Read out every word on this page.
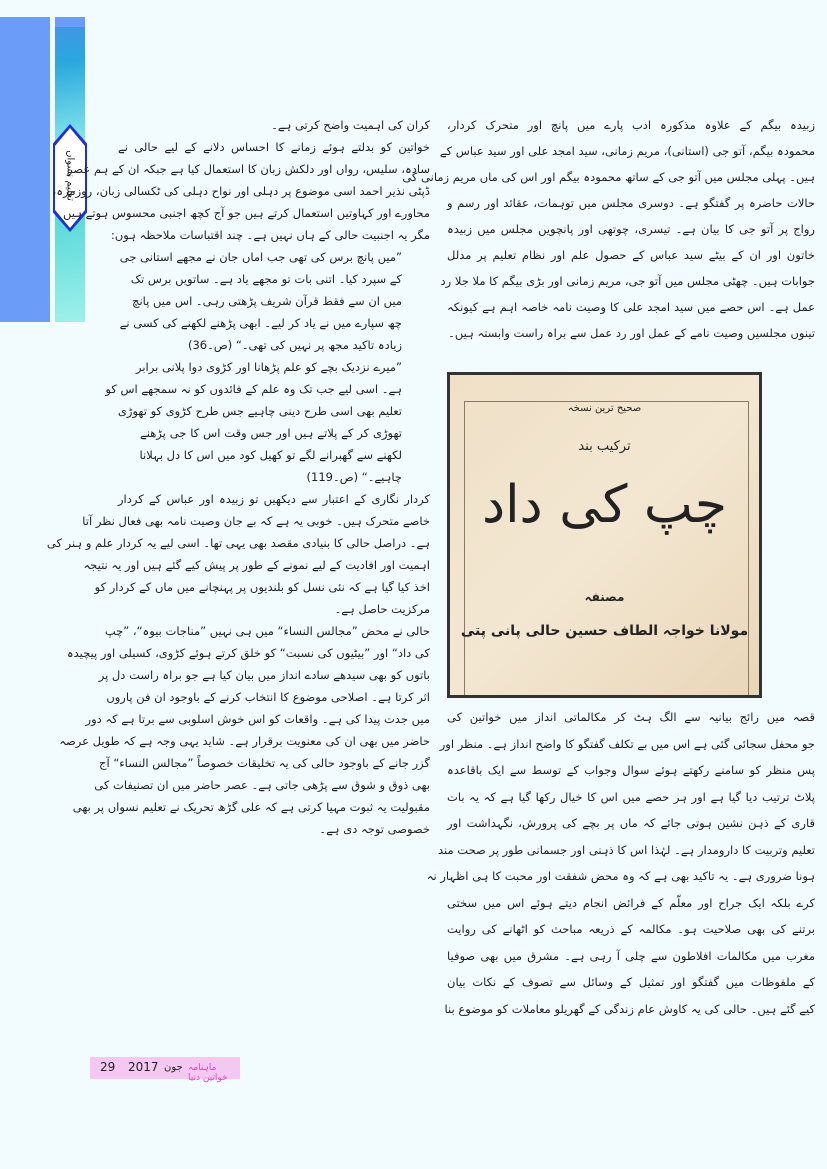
تعلیم نسواں
کران کی اہمیت واضح کرتی ہے۔
خواتین کو بدلتے ہوئے زمانے کا احساس دلانے کے لیے حالی نے
سادہ، سلیس، رواں اور دلکش زبان کا استعمال کیا ہے جبکہ ان کے ہم عصر
ڈپٹی نذیر احمد اسی موضوع پر دہلی اور نواح دہلی کی ٹکسالی زبان، روزمرہ،
محاورے اور کہاوتیں استعمال کرتے ہیں جو آج کچھ اجنبی محسوس ہوتے ہیں
مگر یہ اجنبیت حالی کے ہاں نہیں ہے۔ چند اقتباسات ملاحظہ ہوں:
”میں پانچ برس کی تھی جب اماں جان نے مجھے استانی جی
کے سپرد کیا۔ اتنی بات تو مجھے یاد ہے۔ ساتویں برس تک
میں ان سے فقط قرآن شریف پڑھتی رہی۔ اس میں پانچ
چھ سپارے میں نے یاد کر لیے۔ ابھی پڑھنے لکھنے کی کسی نے
زیادہ تاکید مجھ پر نہیں کی تھی۔“ (ص۔36)
”میرے نزدیک بچے کو علم پڑھانا اور کڑوی دوا پلانی برابر
ہے۔ اسی لیے جب تک وہ علم کے فائدوں کو نہ سمجھے اس کو
تعلیم بھی اسی طرح دینی چاہیے جس طرح کڑوی کو تھوڑی
تھوڑی کر کے پلاتے ہیں اور جس وقت اس کا جی پڑھنے
لکھنے سے گھبرانے لگے تو کھیل کود میں اس کا دل بہلانا
چاہیے۔“ (ص۔119)
کردار نگاری کے اعتبار سے دیکھیں تو زبیدہ اور عباس کے کردار
خاصے متحرک ہیں۔ خوبی یہ ہے کہ بے جان وصیت نامہ بھی فعال نظر آتا
ہے۔ دراصل حالی کا بنیادی مقصد بھی یہی تھا۔ اسی لیے یہ کردار علم و ہنر کی
اہمیت اور افادیت کے لیے نمونے کے طور پر پیش کیے گئے ہیں اور یہ نتیجہ
اخذ کیا گیا ہے کہ نئی نسل کو بلندیوں پر پہنچانے میں ماں کے کردار کو
مرکزیت حاصل ہے۔
حالی نے محض ”مجالس النساء“ میں ہی نہیں ”مناجات بیوہ“، ”چپ
کی داد“ اور ”بیٹیوں کی نسبت“ کو خلق کرتے ہوئے کڑوی، کسیلی اور پیچیدہ
باتوں کو بھی سیدھے سادے انداز میں بیان کیا ہے جو براہ راست دل پر
اثر کرتا ہے۔ اصلاحی موضوع کا انتخاب کرنے کے باوجود ان فن پاروں
میں جدت پیدا کی ہے۔ واقعات کو اس خوش اسلوبی سے برتا ہے کہ دور
حاضر میں بھی ان کی معنویت برقرار ہے۔ شاید یہی وجہ ہے کہ طویل عرصہ
گزر جانے کے باوجود حالی کی یہ تخلیقات خصوصاً ”مجالس النساء“ آج
بھی ذوق و شوق سے پڑھی جاتی ہے۔ عصر حاضر میں ان تصنیفات کی
مقبولیت یہ ثبوت مہیا کرتی ہے کہ علی گڑھ تحریک نے تعلیم نسواں پر بھی
خصوصی توجہ دی ہے۔
زبیدہ بیگم کے علاوہ مذکورہ ادب پارے میں پانچ اور متحرک کردار،
محمودہ بیگم، آتو جی (استانی)، مریم زمانی، سید امجد علی اور سید عباس کے
ہیں۔ پہلی مجلس میں آتو جی کے ساتھ محمودہ بیگم اور اس کی ماں مریم زمانی کی
حالات حاضرہ پر گفتگو ہے۔ دوسری مجلس میں توہمات، عقائد اور رسم و
رواج پر آتو جی کا بیان ہے۔ تیسری، چوتھی اور پانچویں مجلس میں زبیدہ
خاتون اور ان کے بیٹے سید عباس کے حصول علم اور نظام تعلیم پر مدلل
جوابات ہیں۔ چھٹی مجلس میں آتو جی، مریم زمانی اور بڑی بیگم کا ملا جلا رد
عمل ہے۔ اس حصے میں سید امجد علی کا وصیت نامہ خاصہ اہم ہے کیونکہ
تینوں مجلسیں وصیت نامے کے عمل اور رد عمل سے براہ راست وابستہ ہیں۔
صحیح ترین نسخہ
ترکیب بند
چپ کی داد
مصنفہ
مولانا خواجہ الطاف حسین حالی پانی پتی
قصہ میں رائج بیانیہ سے الگ ہٹ کر مکالماتی انداز میں خواتین کی
جو محفل سجائی گئی ہے اس میں بے تکلف گفتگو کا واضح انداز ہے۔ منظر اور
پس منظر کو سامنے رکھتے ہوئے سوال وجواب کے توسط سے ایک باقاعدہ
پلاٹ ترتیب دیا گیا ہے اور ہر حصے میں اس کا خیال رکھا گیا ہے کہ یہ بات
قاری کے ذہن نشین ہوتی جائے کہ ماں پر بچے کی پرورش، نگہداشت اور
تعلیم وتربیت کا دارومدار ہے۔ لہٰذا اس کا ذہنی اور جسمانی طور پر صحت مند
ہونا ضروری ہے۔ یہ تاکید بھی ہے کہ وہ محض شفقت اور محبت کا ہی اظہار نہ
کرے بلکہ ایک جراح اور معلّم کے فرائض انجام دیتے ہوئے اس میں سختی
برتنے کی بھی صلاحیت ہو۔ مکالمہ کے ذریعہ مباحث کو اٹھانے کی روایت
مغرب میں مکالمات افلاطون سے چلی آ رہی ہے۔ مشرق میں بھی صوفیا
کے ملفوظات میں گفتگو اور تمثیل کے وسائل سے تصوف کے نکات بیان
کیے گئے ہیں۔ حالی کی یہ کاوش عام زندگی کے گھریلو معاملات کو موضوع بنا
29 2017 جون ماہنامہ خواتین دنیا
